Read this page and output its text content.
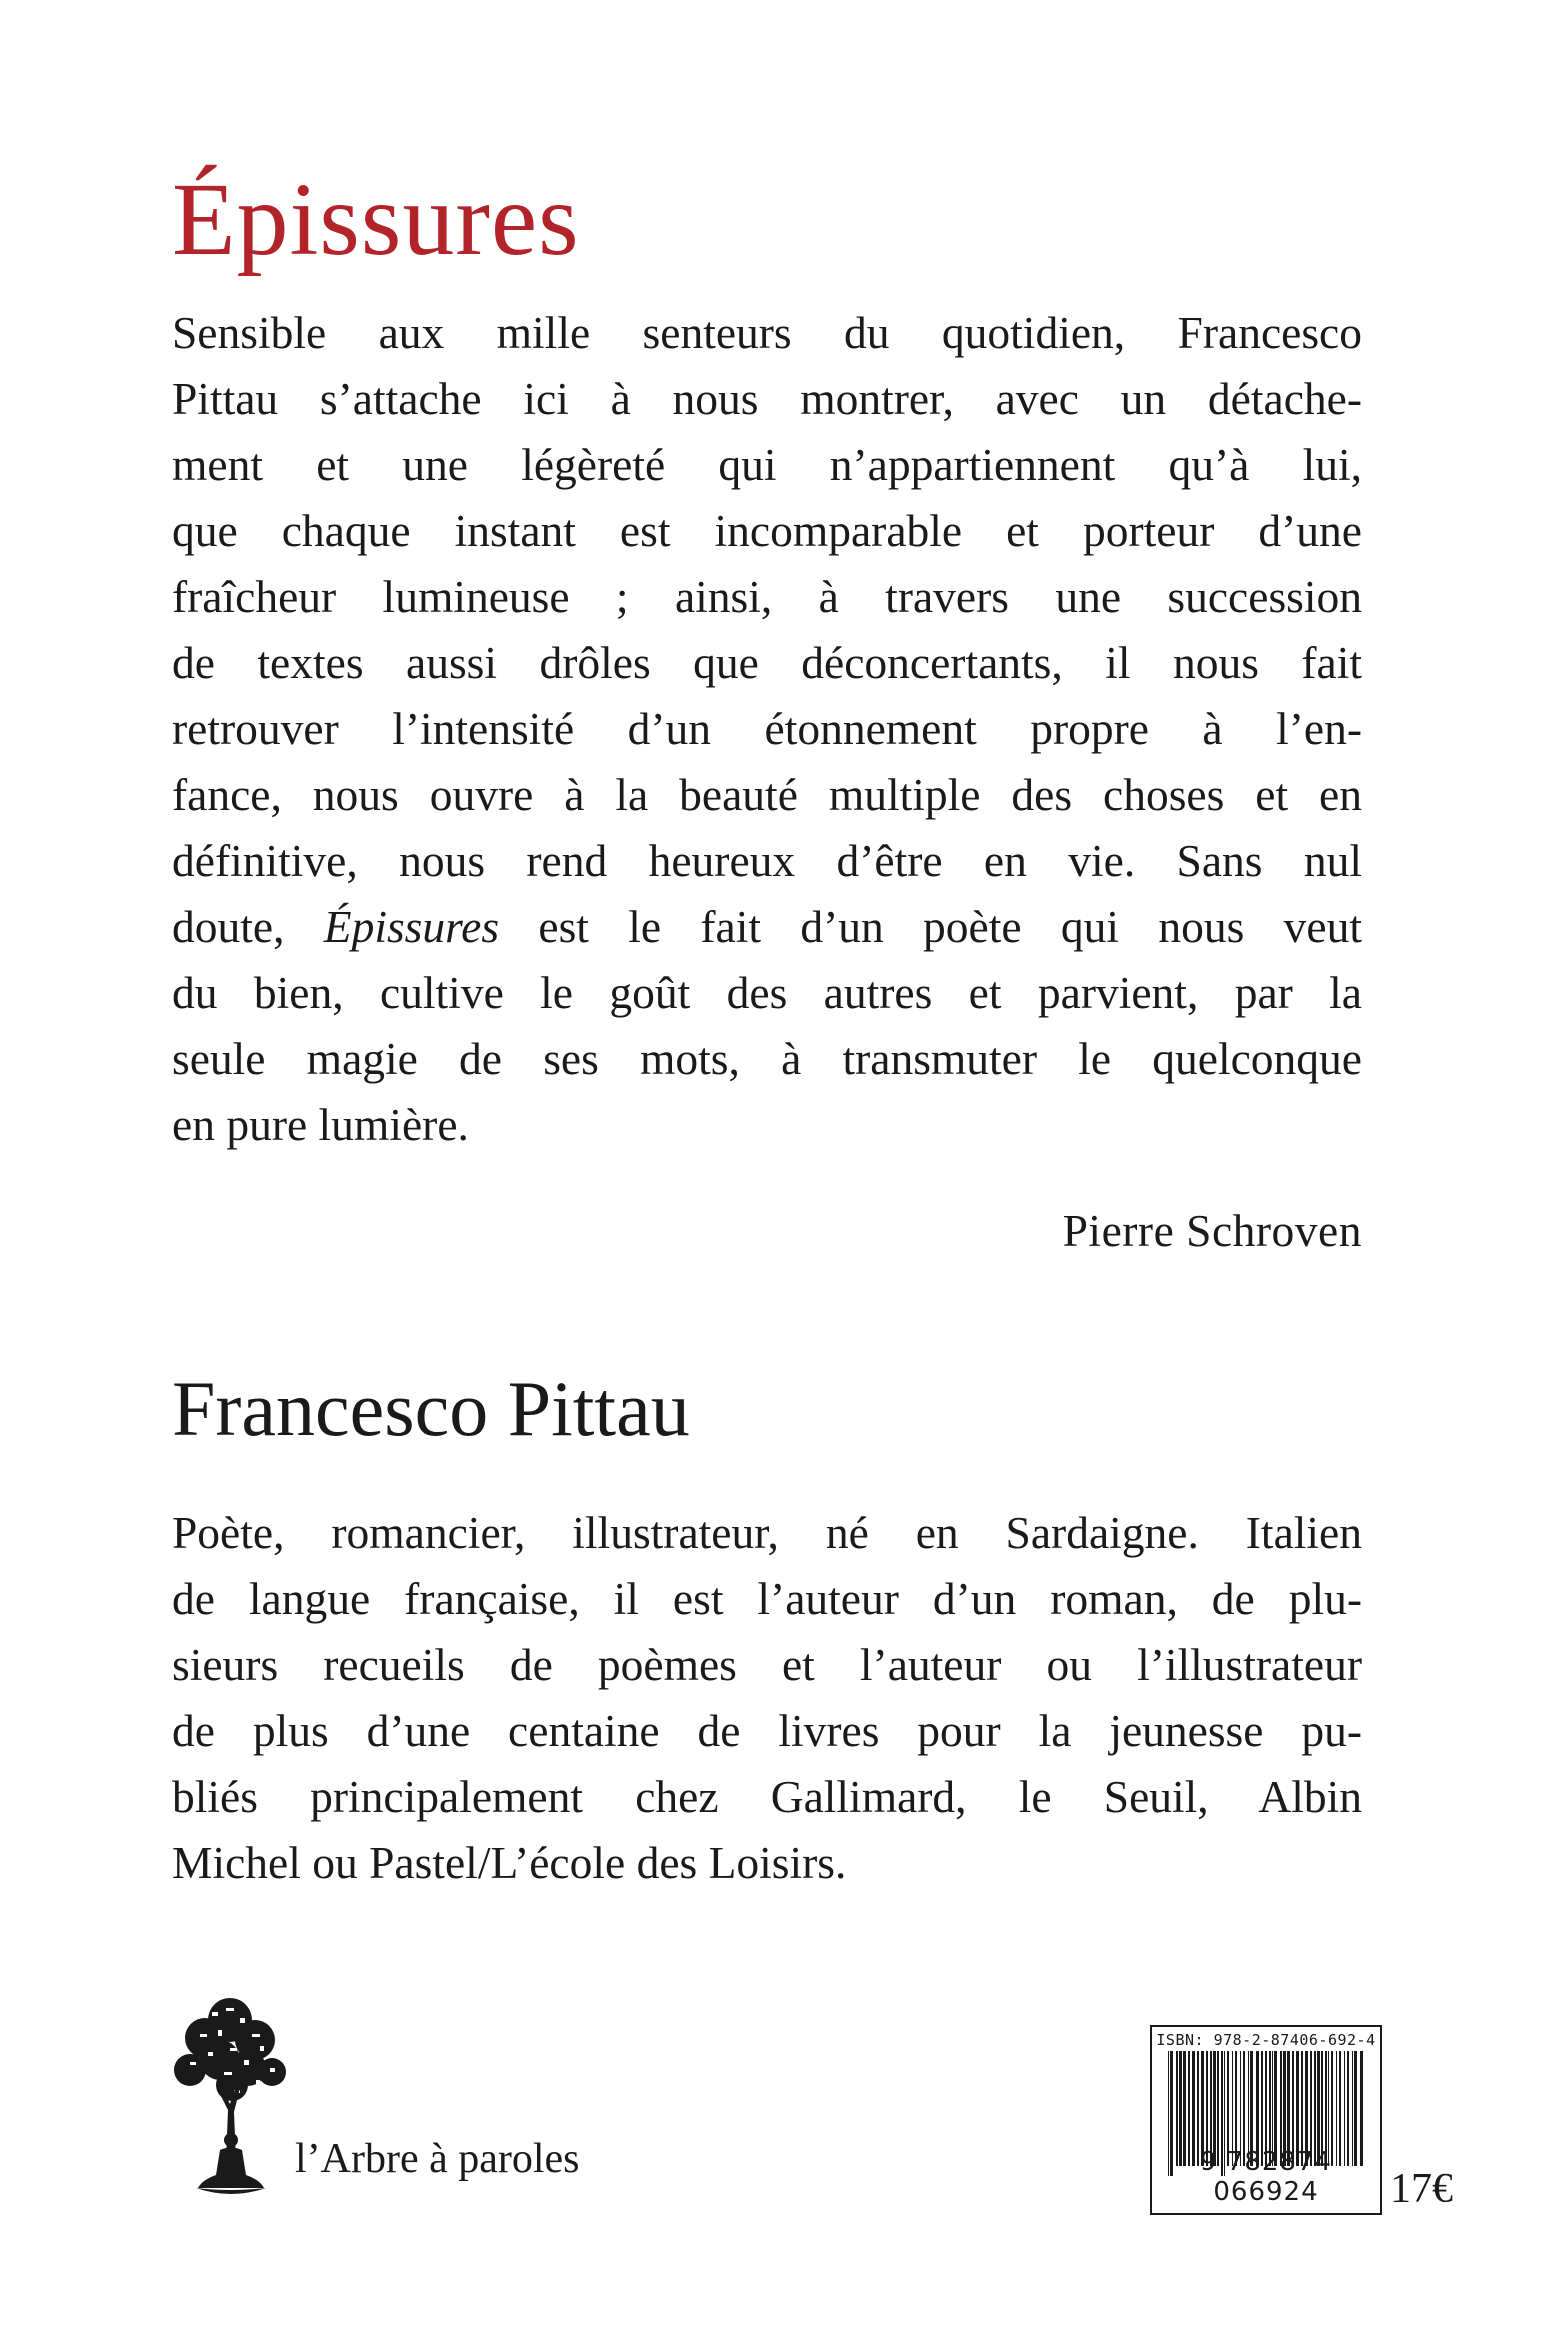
Épissures
Sensible aux mille senteurs du quotidien, Francesco
Pittau s’attache ici à nous montrer, avec un détache-
ment et une légèreté qui n’appartiennent qu’à lui,
que chaque instant est incomparable et porteur d’une
fraîcheur lumineuse ; ainsi, à travers une succession
de textes aussi drôles que déconcertants, il nous fait
retrouver l’intensité d’un étonnement propre à l’en-
fance, nous ouvre à la beauté multiple des choses et en
définitive, nous rend heureux d’être en vie. Sans nul
doute, Épissures est le fait d’un poète qui nous veut
du bien, cultive le goût des autres et parvient, par la
seule magie de ses mots, à transmuter le quelconque
en pure lumière.

Pierre Schroven

Francesco Pittau
Poète, romancier, illustrateur, né en Sardaigne. Italien
de langue française, il est l’auteur d’un roman, de plu-
sieurs recueils de poèmes et l’auteur ou l’illustrateur
de plus d’une centaine de livres pour la jeunesse pu-
bliés principalement chez Gallimard, le Seuil, Albin
Michel ou Pastel/L’école des Loisirs.
l’Arbre à paroles
ISBN: 978-2-87406-692-4
9 782874 066924	17€
